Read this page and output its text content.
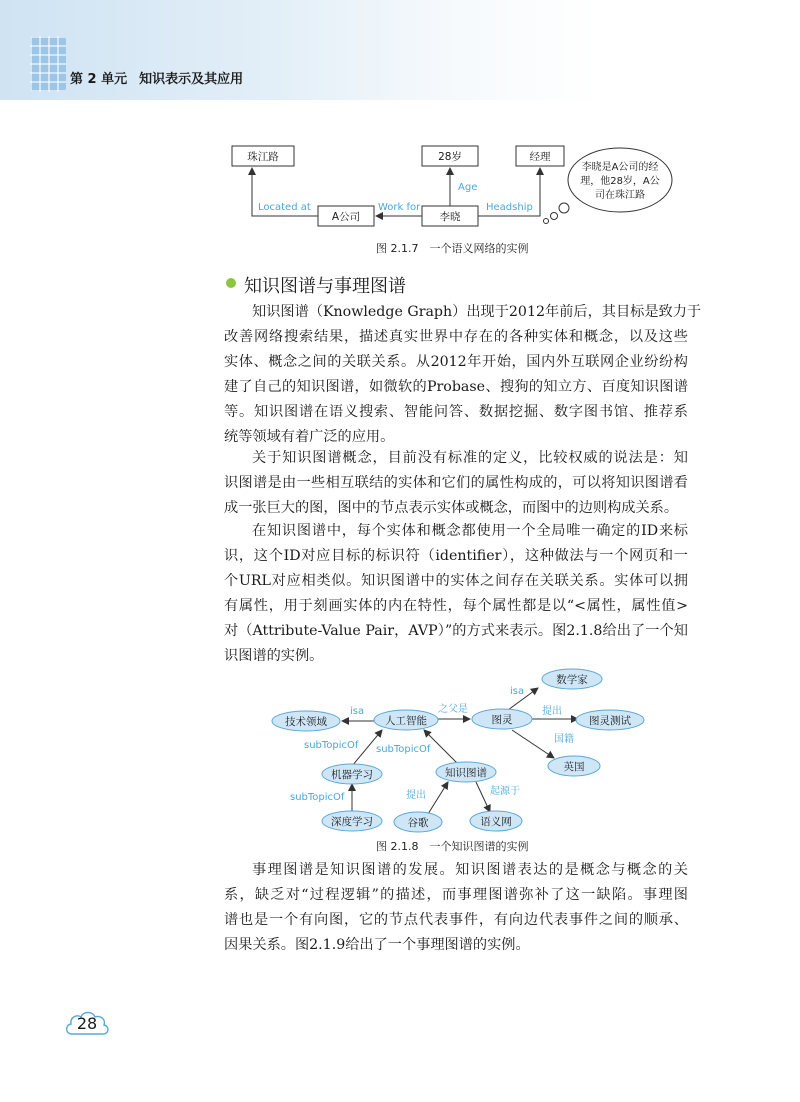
第 2 单元 知识表示及其应用
珠江路
A公司	李晓
28岁	经理
Located at	Work for
Age
Headship
李晓是A公司的经
理，他28岁，A公
司在珠江路
图 2.1.7　一个语义网络的实例
知识图谱与事理图谱
知识图谱（Knowledge Graph）出现于2012年前后，其目标是致力于
改善网络搜索结果，描述真实世界中存在的各种实体和概念，以及这些
实体、概念之间的关联关系。从2012年开始，国内外互联网企业纷纷构
建了自己的知识图谱，如微软的Probase、搜狗的知立方、百度知识图谱
等。知识图谱在语义搜索、智能问答、数据挖掘、数字图书馆、推荐系
统等领域有着广泛的应用。
关于知识图谱概念，目前没有标准的定义，比较权威的说法是：知
识图谱是由一些相互联结的实体和它们的属性构成的，可以将知识图谱看
成一张巨大的图，图中的节点表示实体或概念，而图中的边则构成关系。
在知识图谱中，每个实体和概念都使用一个全局唯一确定的ID来标
识，这个ID对应目标的标识符（identifier），这种做法与一个网页和一
个URL对应相类似。知识图谱中的实体之间存在关联关系。实体可以拥
有属性，用于刻画实体的内在特性，每个属性都是以“<属性，属性值>
对（Attribute-Value Pair，AVP）”的方式来表示。图2.1.8给出了一个知
识图谱的实例。
isa	之父是
isa
提出
国籍
subTopicOf subTopicOf
subTopicOf	提出	起源于
技术领域	人工智能	图灵
数学家
图灵测试
英国
机器学习	知识图谱
深度学习	谷歌	语义网
图 2.1.8　一个知识图谱的实例
事理图谱是知识图谱的发展。知识图谱表达的是概念与概念的关
系，缺乏对“过程逻辑”的描述，而事理图谱弥补了这一缺陷。事理图
谱也是一个有向图，它的节点代表事件，有向边代表事件之间的顺承、
因果关系。图2.1.9给出了一个事理图谱的实例。
28
